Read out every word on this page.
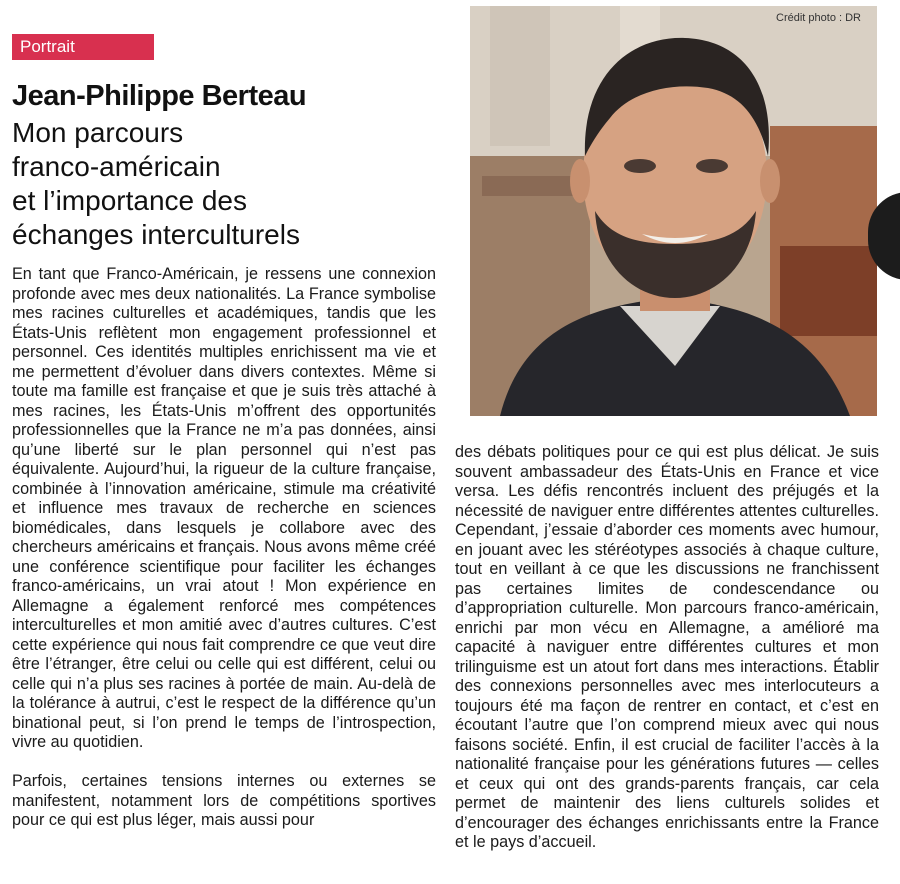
Portrait
Jean-Philippe Berteau
Mon parcours
franco-américain
et l’importance des
échanges interculturels

En tant que Franco-Américain, je ressens une connexion profonde avec mes deux nationalités. La France symbolise mes racines culturelles et académiques, tandis que les États-Unis reflètent mon engagement professionnel et personnel. Ces identités multiples enrichissent ma vie et me permettent d’évoluer dans divers contextes. Même si toute ma famille est française et que je suis très attaché à mes racines, les États-Unis m’offrent des opportunités professionnelles que la France ne m’a pas données, ainsi qu’une liberté sur le plan personnel qui n’est pas équivalente. Aujourd’hui, la rigueur de la culture française, combinée à l’innovation américaine, stimule ma créativité et influence mes travaux de recherche en sciences biomédicales, dans lesquels je collabore avec des chercheurs américains et français. Nous avons même créé une conférence scientifique pour faciliter les échanges franco-américains, un vrai atout ! Mon expérience en Allemagne a également renforcé mes compétences interculturelles et mon amitié avec d’autres cultures. C’est cette expérience qui nous fait comprendre ce que veut dire être l’étranger, être celui ou celle qui est différent, celui ou celle qui n’a plus ses racines à portée de main. Au-delà de la tolérance à autrui, c’est le respect de la différence qu’un binational peut, si l’on prend le temps de l’introspection, vivre au quotidien.

Parfois, certaines tensions internes ou externes se manifestent, notamment lors de compétitions sportives pour ce qui est plus léger, mais aussi pour

des débats politiques pour ce qui est plus délicat. Je suis souvent ambassadeur des États-Unis en France et vice versa. Les défis rencontrés incluent des préjugés et la nécessité de naviguer entre différentes attentes culturelles. Cependant, j’essaie d’aborder ces moments avec humour, en jouant avec les stéréotypes associés à chaque culture, tout en veillant à ce que les discussions ne franchissent pas certaines limites de condescendance ou d’appropriation culturelle. Mon parcours franco-américain, enrichi par mon vécu en Allemagne, a amélioré ma capacité à naviguer entre différentes cultures et mon trilinguisme est un atout fort dans mes interactions. Établir des connexions personnelles avec mes interlocuteurs a toujours été ma façon de rentrer en contact, et c’est en écoutant l’autre que l’on comprend mieux avec qui nous faisons société. Enfin, il est crucial de faciliter l’accès à la nationalité française pour les générations futures — celles et ceux qui ont des grands-parents français, car cela permet de maintenir des liens culturels solides et d’encourager des échanges enrichissants entre la France et le pays d’accueil.

Crédit photo : DR
